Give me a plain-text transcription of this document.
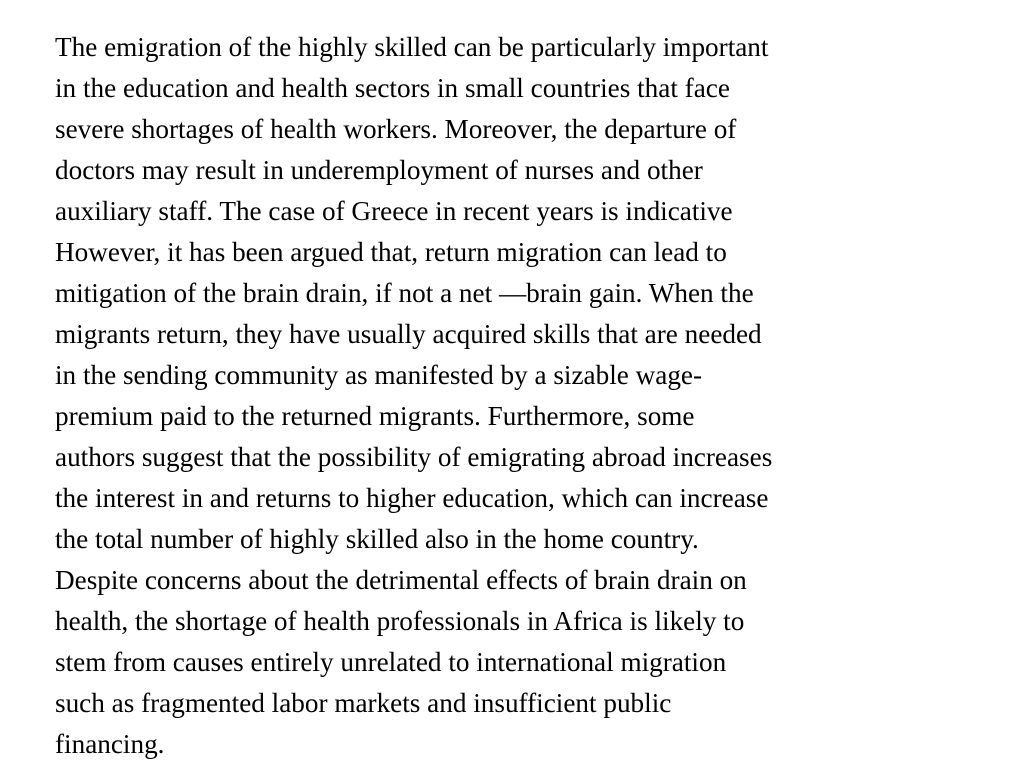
The emigration of the highly skilled can be particularly important
in the education and health sectors in small countries that face
severe shortages of health workers. Moreover, the departure of
doctors may result in underemployment of nurses and other
auxiliary staff. The case of Greece in recent years is indicative
However, it has been argued that, return migration can lead to
mitigation of the brain drain, if not a net ―brain gain. When the
migrants return, they have usually acquired skills that are needed
in the sending community as manifested by a sizable wage-
premium paid to the returned migrants. Furthermore, some
authors suggest that the possibility of emigrating abroad increases
the interest in and returns to higher education, which can increase
the total number of highly skilled also in the home country.
Despite concerns about the detrimental effects of brain drain on
health, the shortage of health professionals in Africa is likely to
stem from causes entirely unrelated to international migration
such as fragmented labor markets and insufficient public
financing.
